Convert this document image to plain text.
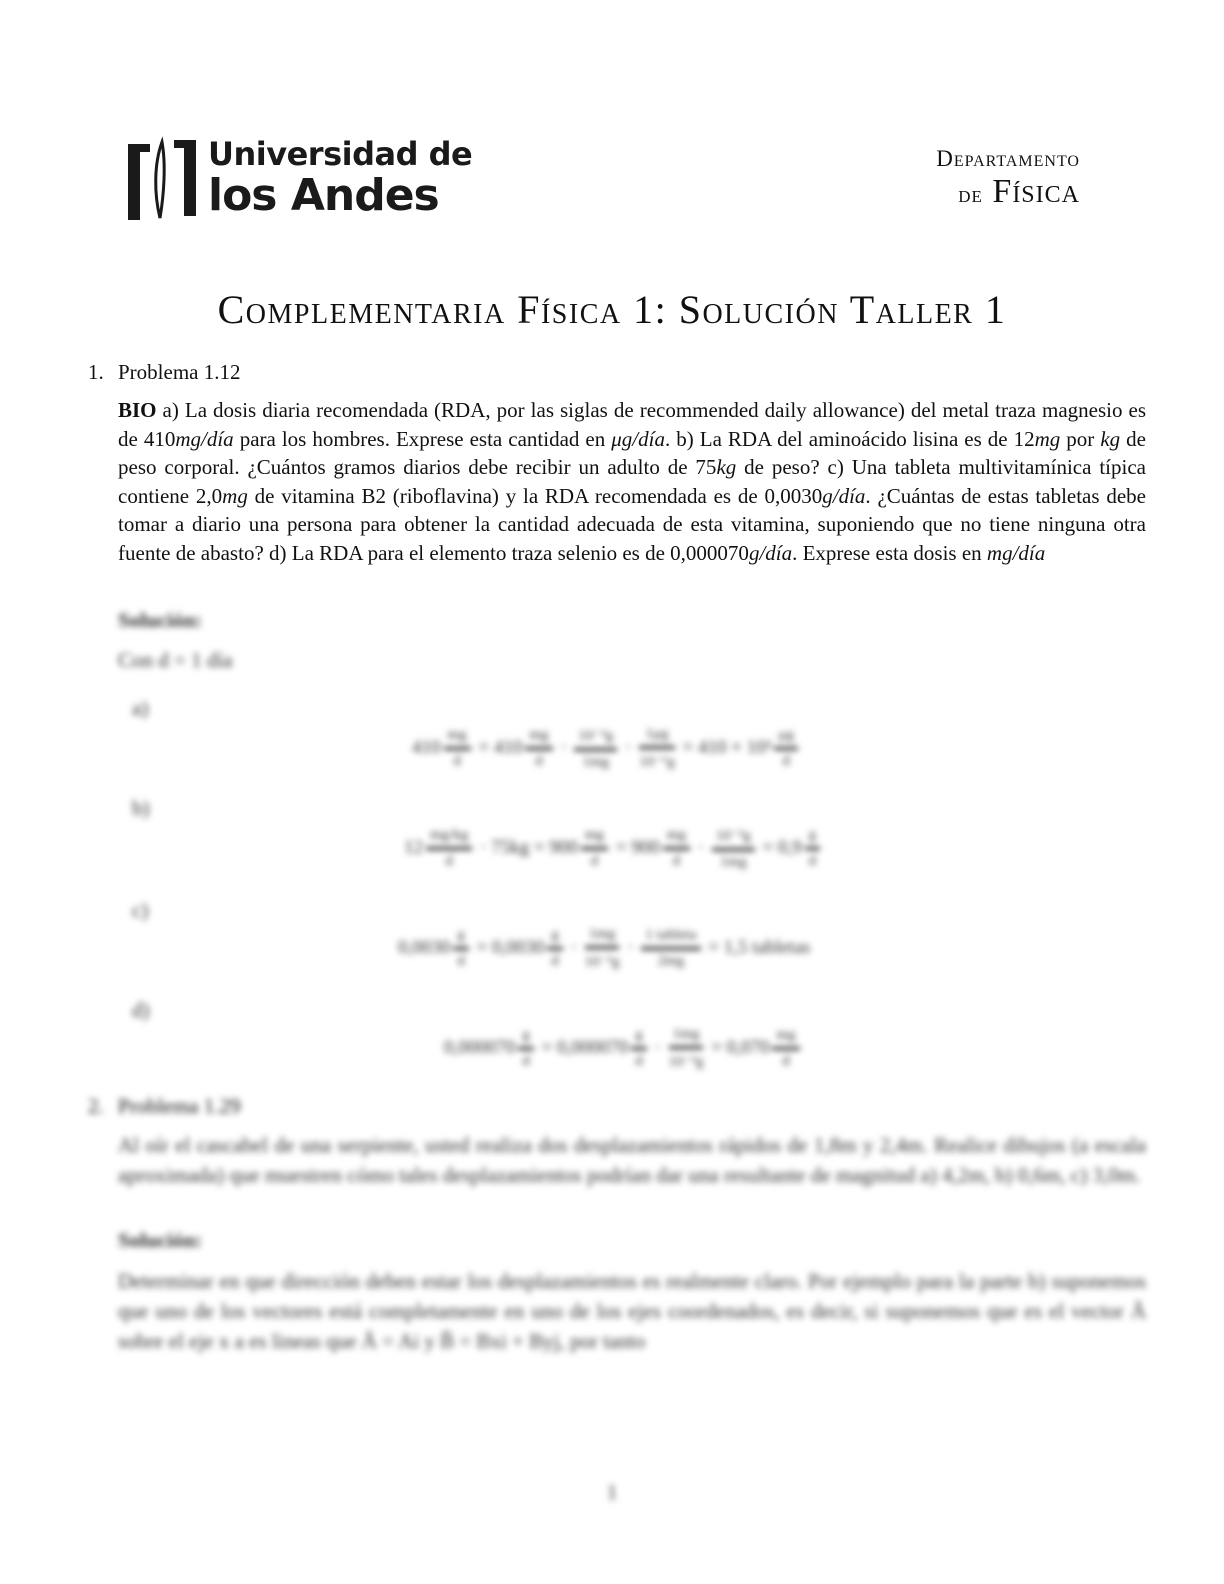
Universidad de
los Andes
Departamento
de Física
Complementaria Física 1: Solución Taller 1
1. Problema 1.12
BIO a) La dosis diaria recomendada (RDA, por las siglas de recommended daily allowance) del metal traza magnesio es de 410mg/día para los hombres. Exprese esta cantidad en μg/día. b) La RDA del aminoácido lisina es de 12mg por kg de peso corporal. ¿Cuántos gramos diarios debe recibir un adulto de 75kg de peso? c) Una tableta multivitamínica típica contiene 2,0mg de vitamina B2 (riboflavina) y la RDA recomendada es de 0,0030g/día. ¿Cuántas de estas tabletas debe tomar a diario una persona para obtener la cantidad adecuada de esta vitamina, suponiendo que no tiene ninguna otra fuente de abasto? d) La RDA para el elemento traza selenio es de 0,000070g/día. Exprese esta dosis en mg/día
Solución:
Con d = 1 día
a)
$410 \frac{mg}{d} = 410 \frac{mg}{d} \cdot \frac{\text{10⁻³g}}{1mg} \cdot \frac{1\mu g}{\text{10⁻⁶g}} = 410 \times 10^3 \frac{\mu g}{d}$
b)
$12 \frac{mg/kg}{d} \cdot 75kg = 900 \frac{mg}{d} = 900 \frac{mg}{d} \cdot \frac{\text{10⁻³g}}{1mg} = 0,9 \frac{g}{d}$
c)
$0,0030 \frac{g}{d} = 0,0030 \frac{g}{d} \cdot \frac{1mg}{\text{10⁻³g}} \cdot \frac{\text{1 tableta}}{2mg} = 1,5$ tabletas
d)
$0,000070 \frac{g}{d} = 0,000070 \frac{g}{d} \cdot \frac{1mg}{\text{10⁻³g}} = 0,070 \frac{mg}{d}$
2. Problema 1.29
Al oír el cascabel de una serpiente, usted realiza dos desplazamientos rápidos de 1,8m y 2,4m. Realice dibujos (a escala aproximada) que muestren cómo tales desplazamientos podrían dar una resultante de magnitud a) 4,2m, b) 0,6m, c) 3,0m.
Solución:
Determinar en que dirección deben estar los desplazamientos es realmente claro. Por ejemplo para la parte b) suponemos que uno de los vectores está completamente en uno de los ejes coordenados, es decir, si suponemos que es el vector Ā sobre el eje x a es lineas que Ā = Ai y B̄ = Bxi + Byj, por tanto
1
